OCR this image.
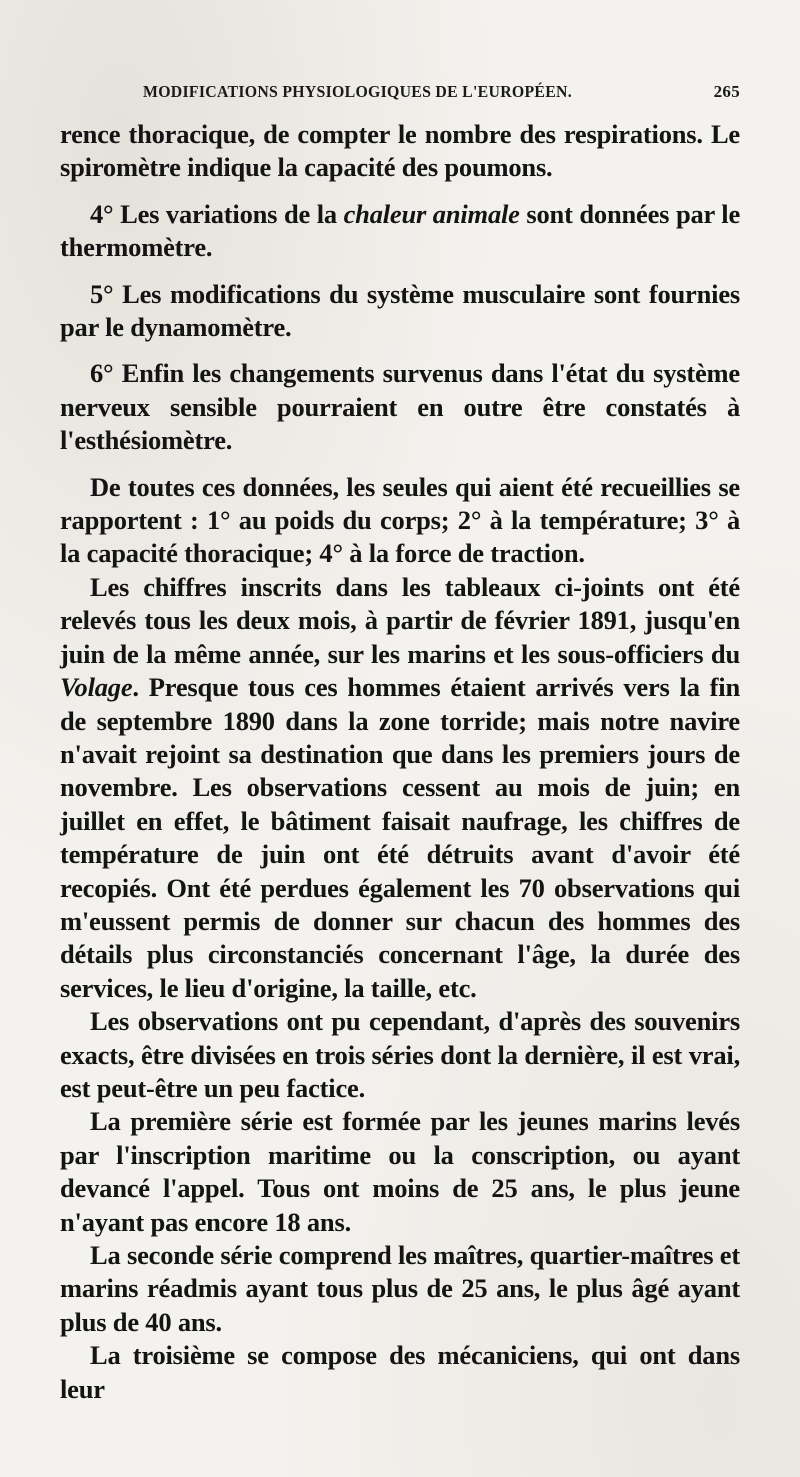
MODIFICATIONS PHYSIOLOGIQUES DE L'EUROPÉEN.	265

rence thoracique, de compter le nombre des respirations. Le spiromètre indique la capacité des poumons.

4° Les variations de la chaleur animale sont données par le thermomètre.

5° Les modifications du système musculaire sont fournies par le dynamomètre.

6° Enfin les changements survenus dans l'état du système nerveux sensible pourraient en outre être constatés à l'esthésiomètre.

De toutes ces données, les seules qui aient été recueillies se rapportent : 1° au poids du corps; 2° à la température; 3° à la capacité thoracique; 4° à la force de traction.

Les chiffres inscrits dans les tableaux ci-joints ont été relevés tous les deux mois, à partir de février 1891, jusqu'en juin de la même année, sur les marins et les sous-officiers du Volage. Presque tous ces hommes étaient arrivés vers la fin de septembre 1890 dans la zone torride; mais notre navire n'avait rejoint sa destination que dans les premiers jours de novembre. Les observations cessent au mois de juin; en juillet en effet, le bâtiment faisait naufrage, les chiffres de température de juin ont été détruits avant d'avoir été recopiés. Ont été perdues également les 70 observations qui m'eussent permis de donner sur chacun des hommes des détails plus circonstanciés concernant l'âge, la durée des services, le lieu d'origine, la taille, etc.

Les observations ont pu cependant, d'après des souvenirs exacts, être divisées en trois séries dont la dernière, il est vrai, est peut-être un peu factice.

La première série est formée par les jeunes marins levés par l'inscription maritime ou la conscription, ou ayant devancé l'appel. Tous ont moins de 25 ans, le plus jeune n'ayant pas encore 18 ans.

La seconde série comprend les maîtres, quartier-maîtres et marins réadmis ayant tous plus de 25 ans, le plus âgé ayant plus de 40 ans.

La troisième se compose des mécaniciens, qui ont dans leur
